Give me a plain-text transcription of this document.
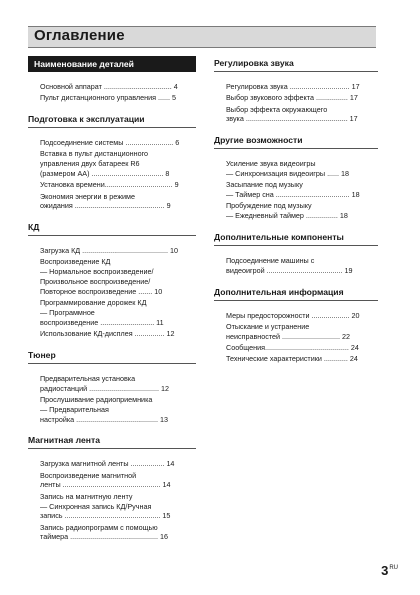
Оглавление
Наименование деталей
Основной аппарат .................................. 4
Пульт дистанционного управления ...... 5
Подготовка к эксплуатации
Подсоединение системы ........................ 6
Вставка в пульт дистанционного
управления двух батареек R6
(размером AA) .................................... 8
Установка времени.................................. 9
Экономия энергии в режиме
ожидания ............................................. 9
КД
Загрузка КД ........................................... 10
Воспроизведение КД
— Нормальное воспроизведение/
Произвольное воспроизведение/
Повторное воспроизведение ....... 10
Программирование дорожек КД
— Программное
воспроизведение ........................... 11
Использование КД-дисплея ............... 12
Тюнер
Предварительная установка
радиостанций ................................... 12
Прослушивание радиоприемника
— Предварительная
настройка ......................................... 13
Магнитная лента
Загрузка магнитной ленты ................. 14
Воспроизведение магнитной
ленты ................................................. 14
Запись на магнитную ленту
— Синхронная запись КД/Ручная
запись ................................................ 15
Запись радиопрограмм с помощью
таймера ............................................ 16
Регулировка звука
Регулировка звука .............................. 17
Выбор звукового эффекта ................ 17
Выбор эффекта окружающего
звука ................................................... 17
Другие возможности
Усиление звука видеоигры
— Синхронизация видеоигры ...... 18
Засыпание под музыку
— Таймер сна ..................................... 18
Пробуждение под музыку
— Ежедневный таймер ................ 18
Дополнительные компоненты
Подсоединение машины с
видеоигрой ...................................... 19
Дополнительная информация
Меры предосторожности ................... 20
Отыскание и устранение
неисправностей ............................. 22
Сообщения.......................................... 24
Технические характеристики ............ 24
$3^{RU}$
